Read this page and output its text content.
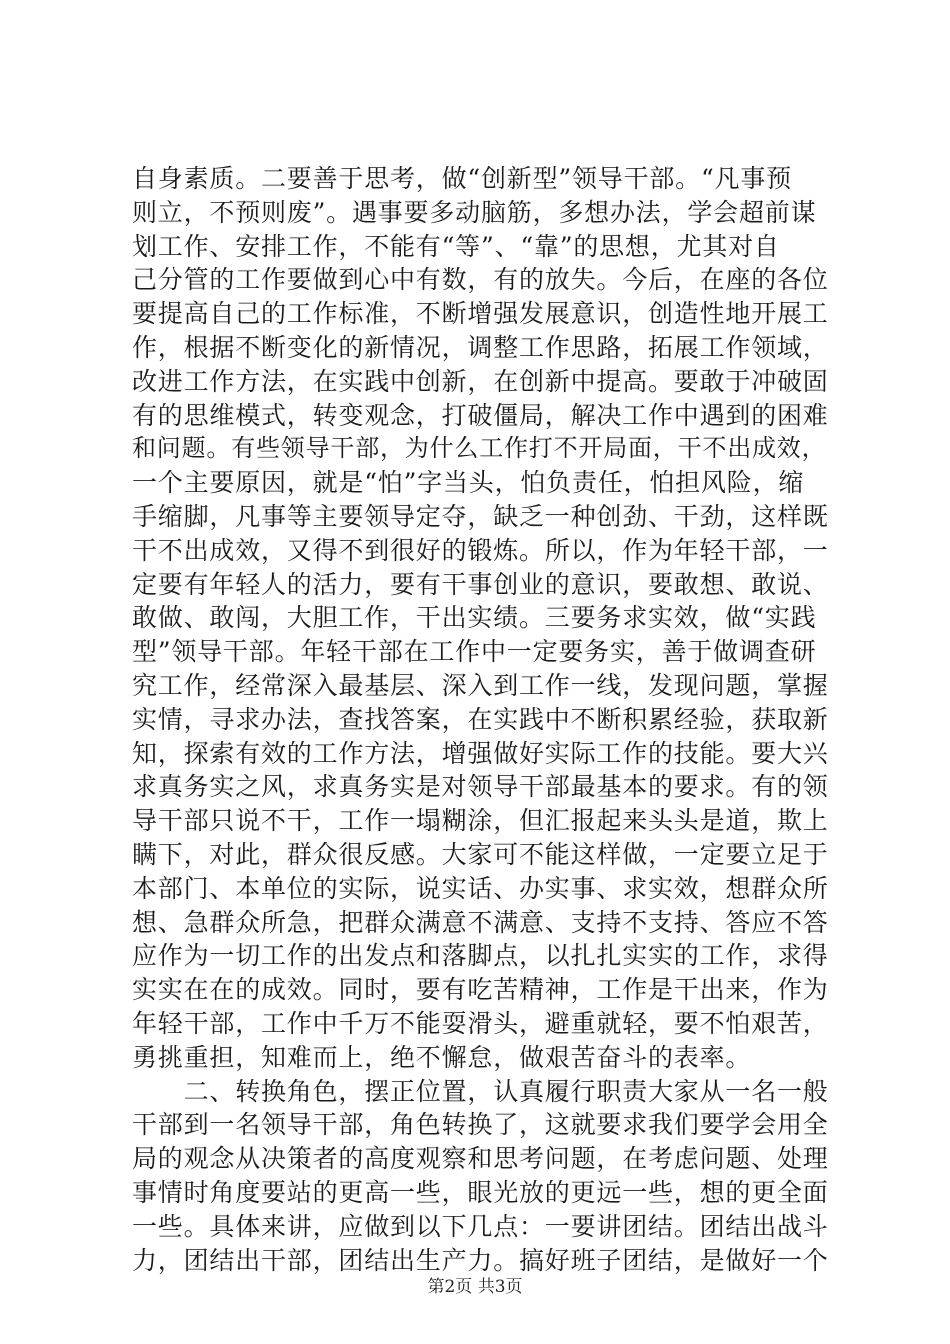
自身素质。二要善于思考，做“创新型”领导干部。“凡事预
则立，不预则废”。遇事要多动脑筋，多想办法，学会超前谋
划工作、安排工作，不能有“等”、“靠”的思想，尤其对自
己分管的工作要做到心中有数，有的放失。今后，在座的各位
要提高自己的工作标准，不断增强发展意识，创造性地开展工
作，根据不断变化的新情况，调整工作思路，拓展工作领域，
改进工作方法，在实践中创新，在创新中提高。要敢于冲破固
有的思维模式，转变观念，打破僵局，解决工作中遇到的困难
和问题。有些领导干部，为什么工作打不开局面，干不出成效，
一个主要原因，就是“怕”字当头，怕负责任，怕担风险，缩
手缩脚，凡事等主要领导定夺，缺乏一种创劲、干劲，这样既
干不出成效，又得不到很好的锻炼。所以，作为年轻干部，一
定要有年轻人的活力，要有干事创业的意识，要敢想、敢说、
敢做、敢闯，大胆工作，干出实绩。三要务求实效，做“实践
型”领导干部。年轻干部在工作中一定要务实，善于做调查研
究工作，经常深入最基层、深入到工作一线，发现问题，掌握
实情，寻求办法，查找答案，在实践中不断积累经验，获取新
知，探索有效的工作方法，增强做好实际工作的技能。要大兴
求真务实之风，求真务实是对领导干部最基本的要求。有的领
导干部只说不干，工作一塌糊涂，但汇报起来头头是道，欺上
瞒下，对此，群众很反感。大家可不能这样做，一定要立足于
本部门、本单位的实际，说实话、办实事、求实效，想群众所
想、急群众所急，把群众满意不满意、支持不支持、答应不答
应作为一切工作的出发点和落脚点，以扎扎实实的工作，求得
实实在在的成效。同时，要有吃苦精神，工作是干出来，作为
年轻干部，工作中千万不能耍滑头，避重就轻，要不怕艰苦，
勇挑重担，知难而上，绝不懈怠，做艰苦奋斗的表率。
　　二、转换角色，摆正位置，认真履行职责大家从一名一般
干部到一名领导干部，角色转换了，这就要求我们要学会用全
局的观念从决策者的高度观察和思考问题，在考虑问题、处理
事情时角度要站的更高一些，眼光放的更远一些，想的更全面
一些。具体来讲，应做到以下几点：一要讲团结。团结出战斗
力，团结出干部，团结出生产力。搞好班子团结，是做好一个
第2页 共3页
